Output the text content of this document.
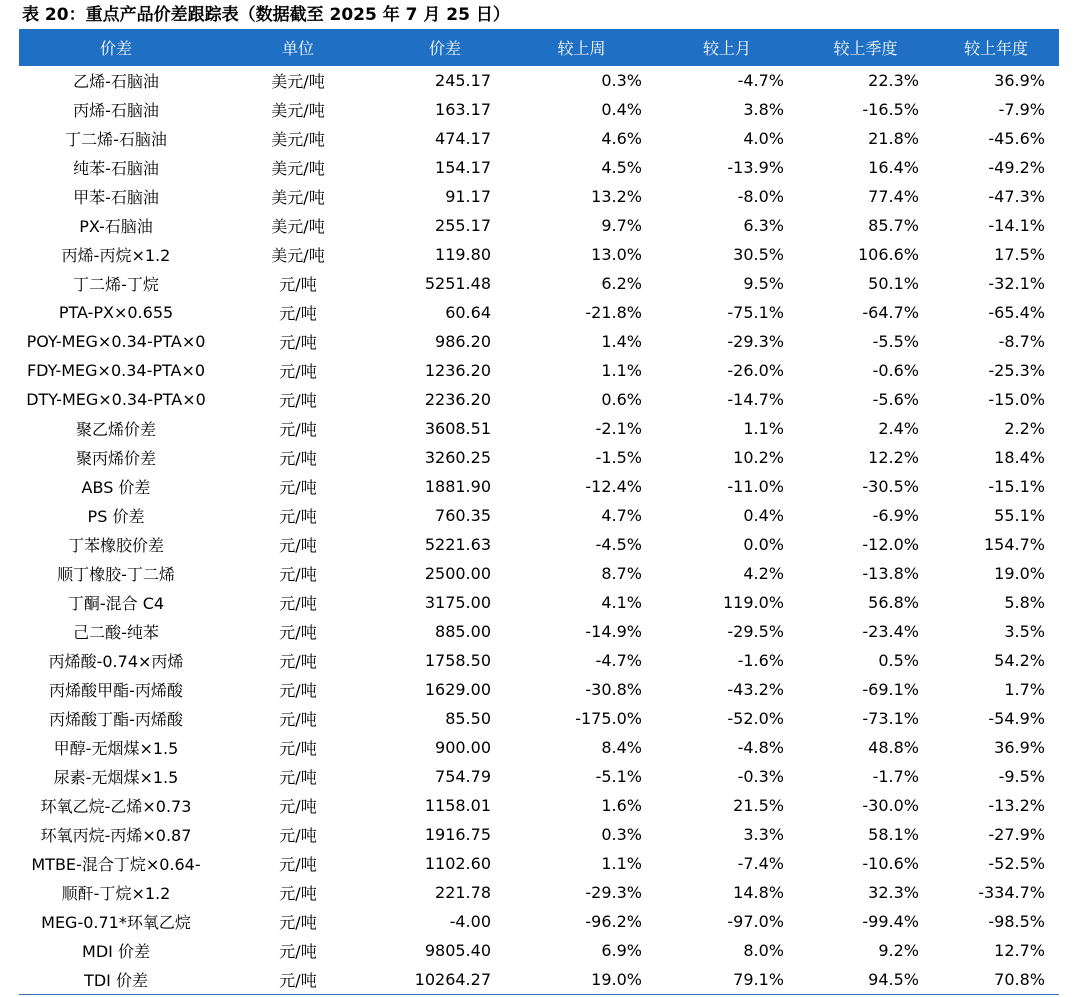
表 20：重点产品价差跟踪表（数据截至 2025 年 7 月 25 日）
价差	单位	价差	较上周	较上月	较上季度	较上年度
乙烯-石脑油	美元/吨	245.17	0.3%	-4.7%	22.3%	36.9%
丙烯-石脑油	美元/吨	163.17	0.4%	3.8%	-16.5%	-7.9%
丁二烯-石脑油	美元/吨	474.17	4.6%	4.0%	21.8%	-45.6%
纯苯-石脑油	美元/吨	154.17	4.5%	-13.9%	16.4%	-49.2%
甲苯-石脑油	美元/吨	91.17	13.2%	-8.0%	77.4%	-47.3%
PX-石脑油	美元/吨	255.17	9.7%	6.3%	85.7%	-14.1%
丙烯-丙烷×1.2	美元/吨	119.80	13.0%	30.5%	106.6%	17.5%
丁二烯-丁烷	元/吨	5251.48	6.2%	9.5%	50.1%	-32.1%
PTA-PX×0.655	元/吨	60.64	-21.8%	-75.1%	-64.7%	-65.4%
POY-MEG×0.34-PTA×0	元/吨	986.20	1.4%	-29.3%	-5.5%	-8.7%
FDY-MEG×0.34-PTA×0	元/吨	1236.20	1.1%	-26.0%	-0.6%	-25.3%
DTY-MEG×0.34-PTA×0	元/吨	2236.20	0.6%	-14.7%	-5.6%	-15.0%
聚乙烯价差	元/吨	3608.51	-2.1%	1.1%	2.4%	2.2%
聚丙烯价差	元/吨	3260.25	-1.5%	10.2%	12.2%	18.4%
ABS 价差	元/吨	1881.90	-12.4%	-11.0%	-30.5%	-15.1%
PS 价差	元/吨	760.35	4.7%	0.4%	-6.9%	55.1%
丁苯橡胶价差	元/吨	5221.63	-4.5%	0.0%	-12.0%	154.7%
顺丁橡胶-丁二烯	元/吨	2500.00	8.7%	4.2%	-13.8%	19.0%
丁酮-混合 C4	元/吨	3175.00	4.1%	119.0%	56.8%	5.8%
己二酸-纯苯	元/吨	885.00	-14.9%	-29.5%	-23.4%	3.5%
丙烯酸-0.74×丙烯	元/吨	1758.50	-4.7%	-1.6%	0.5%	54.2%
丙烯酸甲酯-丙烯酸	元/吨	1629.00	-30.8%	-43.2%	-69.1%	1.7%
丙烯酸丁酯-丙烯酸	元/吨	85.50	-175.0%	-52.0%	-73.1%	-54.9%
甲醇-无烟煤×1.5	元/吨	900.00	8.4%	-4.8%	48.8%	36.9%
尿素-无烟煤×1.5	元/吨	754.79	-5.1%	-0.3%	-1.7%	-9.5%
环氧乙烷-乙烯×0.73	元/吨	1158.01	1.6%	21.5%	-30.0%	-13.2%
环氧丙烷-丙烯×0.87	元/吨	1916.75	0.3%	3.3%	58.1%	-27.9%
MTBE-混合丁烷×0.64-	元/吨	1102.60	1.1%	-7.4%	-10.6%	-52.5%
顺酐-丁烷×1.2	元/吨	221.78	-29.3%	14.8%	32.3%	-334.7%
MEG-0.71*环氧乙烷	元/吨	-4.00	-96.2%	-97.0%	-99.4%	-98.5%
MDI 价差	元/吨	9805.40	6.9%	8.0%	9.2%	12.7%
TDI 价差	元/吨	10264.27	19.0%	79.1%	94.5%	70.8%
